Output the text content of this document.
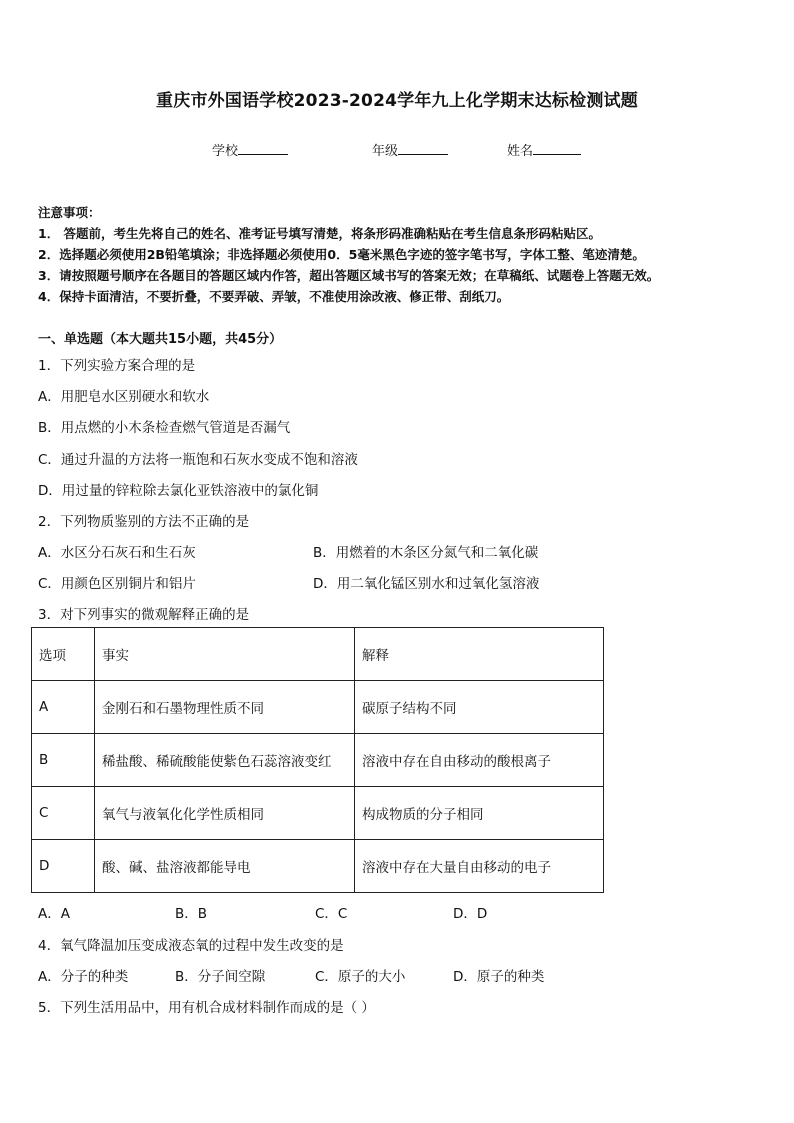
重庆市外国语学校2023-2024学年九上化学期末达标检测试题
学校	年级	姓名
注意事项：
1． 答题前，考生先将自己的姓名、准考证号填写清楚，将条形码准确粘贴在考生信息条形码粘贴区。
2．选择题必须使用2B铅笔填涂；非选择题必须使用0．5毫米黑色字迹的签字笔书写，字体工整、笔迹清楚。
3．请按照题号顺序在各题目的答题区域内作答，超出答题区域书写的答案无效；在草稿纸、试题卷上答题无效。
4．保持卡面清洁，不要折叠，不要弄破、弄皱，不准使用涂改液、修正带、刮纸刀。
一、单选题（本大题共15小题，共45分）
1．下列实验方案合理的是
A．用肥皂水区别硬水和软水
B．用点燃的小木条检查燃气管道是否漏气
C．通过升温的方法将一瓶饱和石灰水变成不饱和溶液
D．用过量的锌粒除去氯化亚铁溶液中的氯化铜
2．下列物质鉴别的方法不正确的是
A．水区分石灰石和生石灰	B．用燃着的木条区分氮气和二氧化碳
C．用颜色区别铜片和铝片	D．用二氧化锰区别水和过氧化氢溶液
3．对下列事实的微观解释正确的是
选项	事实	解释
A	金刚石和石墨物理性质不同	碳原子结构不同
B	稀盐酸、稀硫酸能使紫色石蕊溶液变红	溶液中存在自由移动的酸根离子
C	氧气与液氧化化学性质相同	构成物质的分子相同
D	酸、碱、盐溶液都能导电	溶液中存在大量自由移动的电子
A．A	B．B	C．C	D．D
4．氧气降温加压变成液态氧的过程中发生改变的是
A．分子的种类	B．分子间空隙	C．原子的大小	D．原子的种类
5．下列生活用品中，用有机合成材料制作而成的是（ ）
